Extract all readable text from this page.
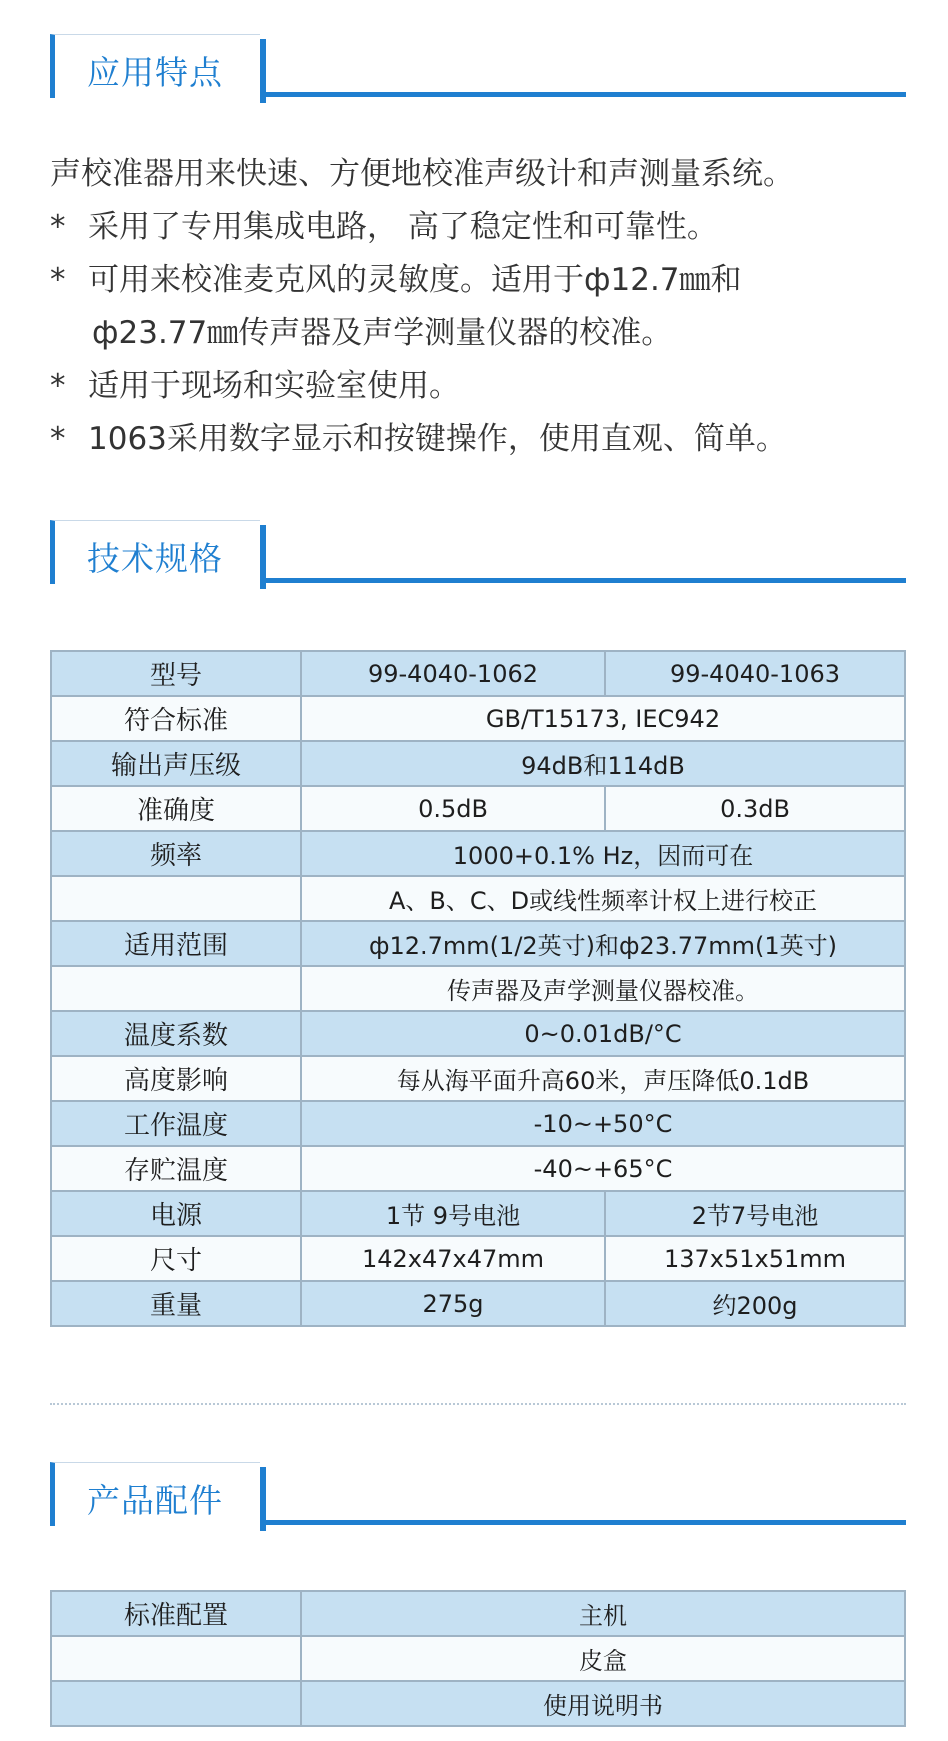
应用特点
声校准器用来快速、方便地校准声级计和声测量系统。
* 采用了专用集成电路， 高了稳定性和可靠性。
* 可用来校准麦克风的灵敏度。适用于ф12.7㎜和
ф23.77㎜传声器及声学测量仪器的校准。
* 适用于现场和实验室使用。
* 1063采用数字显示和按键操作，使用直观、简单。
技术规格
型号	99-4040-1062	99-4040-1063
符合标准	GB/T15173, IEC942	
输出声压级	94dB和114dB	
准确度	0.5dB	0.3dB
频率	1000+0.1% Hz，因而可在	
	A、B、C、D或线性频率计权上进行校正	
适用范围	ф12.7mm(1/2英寸)和ф23.77mm(1英寸)	
	传声器及声学测量仪器校准。	
温度系数	0~0.01dB/°C	
高度影响	每从海平面升高60米，声压降低0.1dB	
工作温度	-10~+50°C	
存贮温度	-40~+65°C	
电源	1节 9号电池	2节7号电池
尺寸	142x47x47mm	137x51x51mm
重量	275g	约200g
产品配件
标准配置	主机
	皮盒
	使用说明书
